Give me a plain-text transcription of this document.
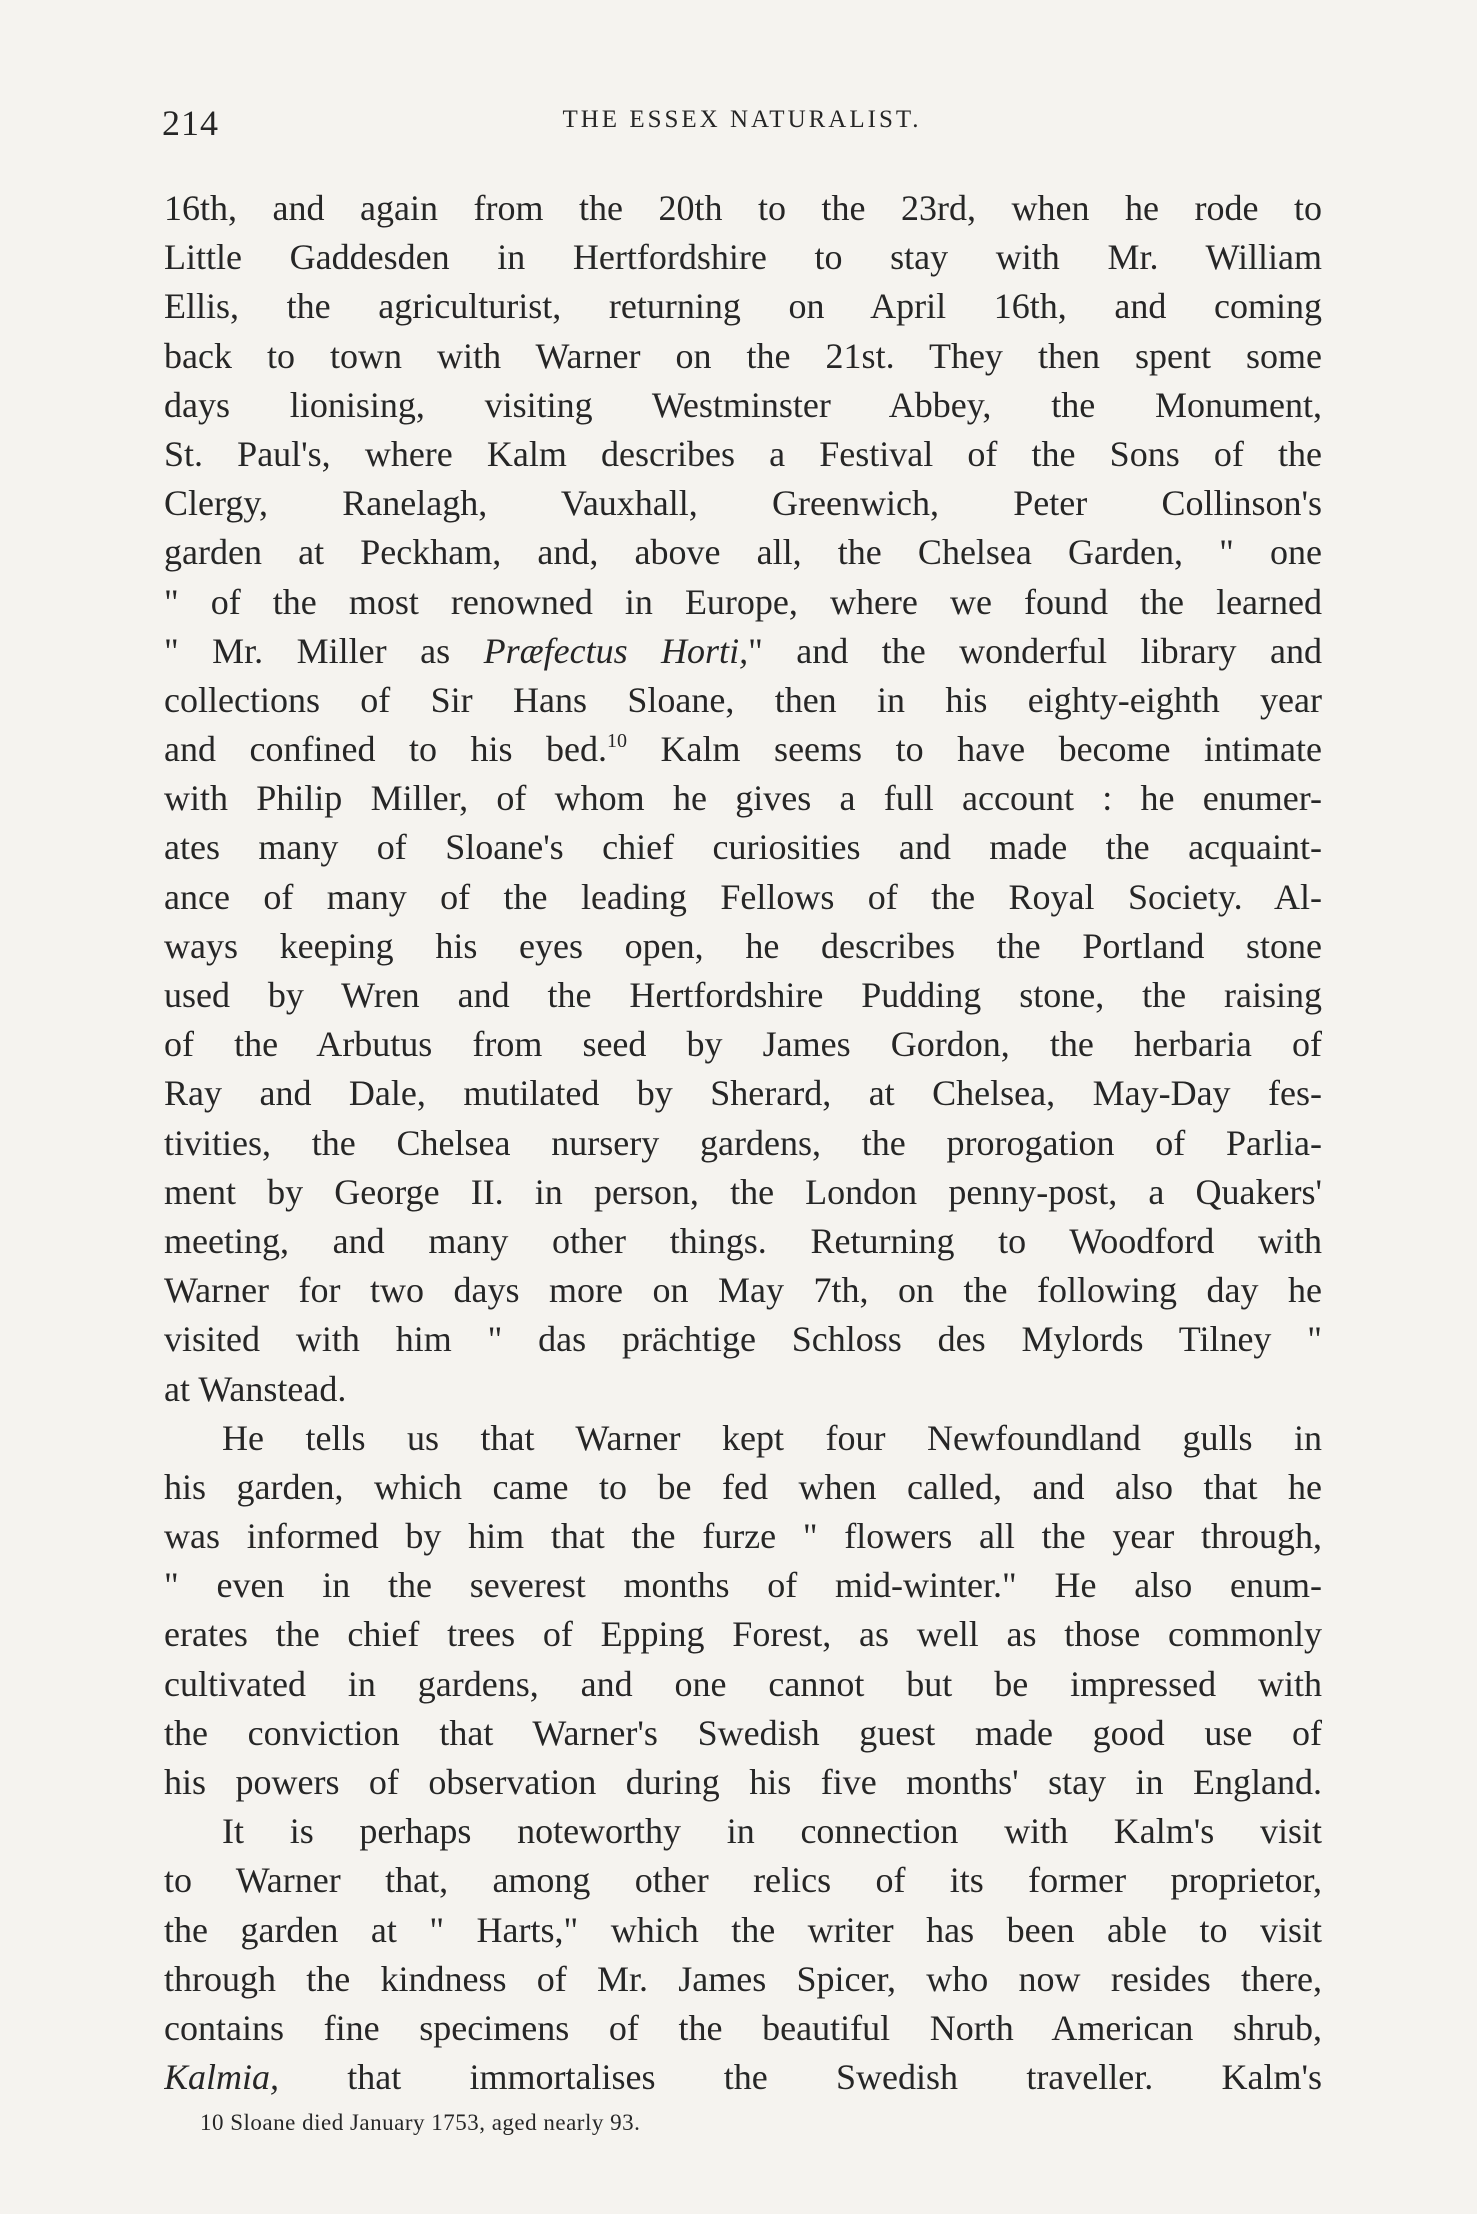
214	THE ESSEX NATURALIST.
16th, and again from the 20th to the 23rd, when he rode to
Little Gaddesden in Hertfordshire to stay with Mr. William
Ellis, the agriculturist, returning on April 16th, and coming
back to town with Warner on the 21st. They then spent some
days lionising, visiting Westminster Abbey, the Monument,
St. Paul's, where Kalm describes a Festival of the Sons of the
Clergy, Ranelagh, Vauxhall, Greenwich, Peter Collinson's
garden at Peckham, and, above all, the Chelsea Garden, " one
" of the most renowned in Europe, where we found the learned
" Mr. Miller as Præfectus Horti," and the wonderful library and
collections of Sir Hans Sloane, then in his eighty-eighth year
and confined to his bed.$^{10}$ Kalm seems to have become intimate
with Philip Miller, of whom he gives a full account : he enumer-
ates many of Sloane's chief curiosities and made the acquaint-
ance of many of the leading Fellows of the Royal Society. Al-
ways keeping his eyes open, he describes the Portland stone
used by Wren and the Hertfordshire Pudding stone, the raising
of the Arbutus from seed by James Gordon, the herbaria of
Ray and Dale, mutilated by Sherard, at Chelsea, May-Day fes-
tivities, the Chelsea nursery gardens, the prorogation of Parlia-
ment by George II. in person, the London penny-post, a Quakers'
meeting, and many other things. Returning to Woodford with
Warner for two days more on May 7th, on the following day he
visited with him " das prächtige Schloss des Mylords Tilney "
at Wanstead.
He tells us that Warner kept four Newfoundland gulls in
his garden, which came to be fed when called, and also that he
was informed by him that the furze " flowers all the year through,
" even in the severest months of mid-winter." He also enum-
erates the chief trees of Epping Forest, as well as those commonly
cultivated in gardens, and one cannot but be impressed with
the conviction that Warner's Swedish guest made good use of
his powers of observation during his five months' stay in England.
It is perhaps noteworthy in connection with Kalm's visit
to Warner that, among other relics of its former proprietor,
the garden at " Harts," which the writer has been able to visit
through the kindness of Mr. James Spicer, who now resides there,
contains fine specimens of the beautiful North American shrub,
Kalmia, that immortalises the Swedish traveller. Kalm's
10 Sloane died January 1753, aged nearly 93.
